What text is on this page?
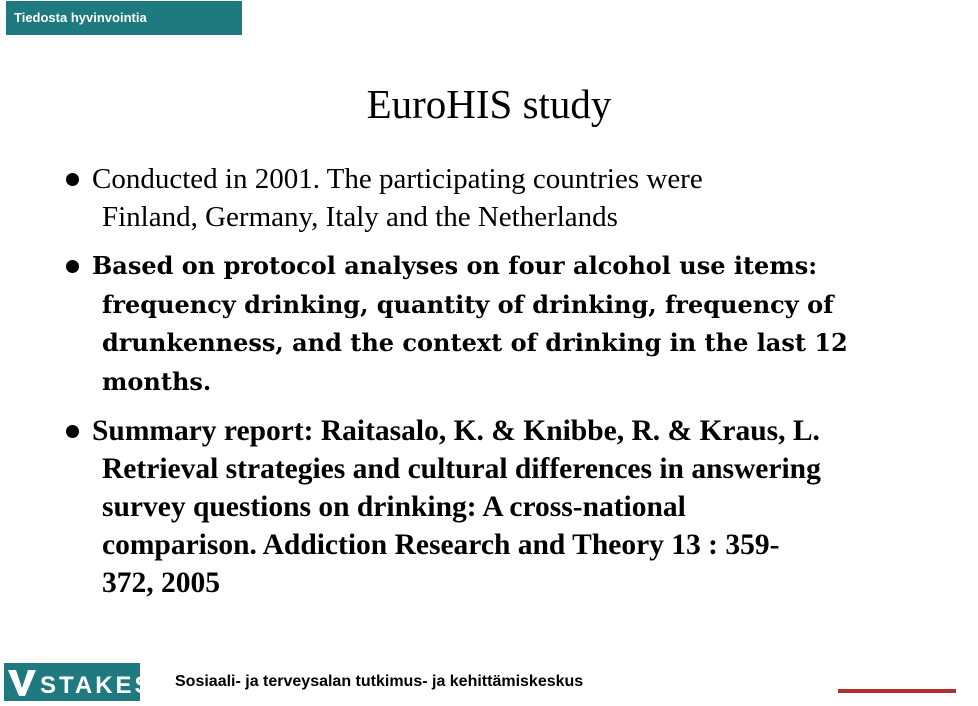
Tiedosta hyvinvointia
EuroHIS study
Conducted in 2001. The participating countries were
Finland, Germany, Italy and the Netherlands
Based on protocol analyses on four alcohol use items:
frequency drinking, quantity of drinking, frequency of
drunkenness, and the context of drinking in the last 12
months.
Summary report: Raitasalo, K. & Knibbe, R. & Kraus, L.
Retrieval strategies and cultural differences in answering
survey questions on drinking: A cross-national
comparison. Addiction Research and Theory 13 : 359-
372, 2005
STAKES Sosiaali- ja terveysalan tutkimus- ja kehittämiskeskus
